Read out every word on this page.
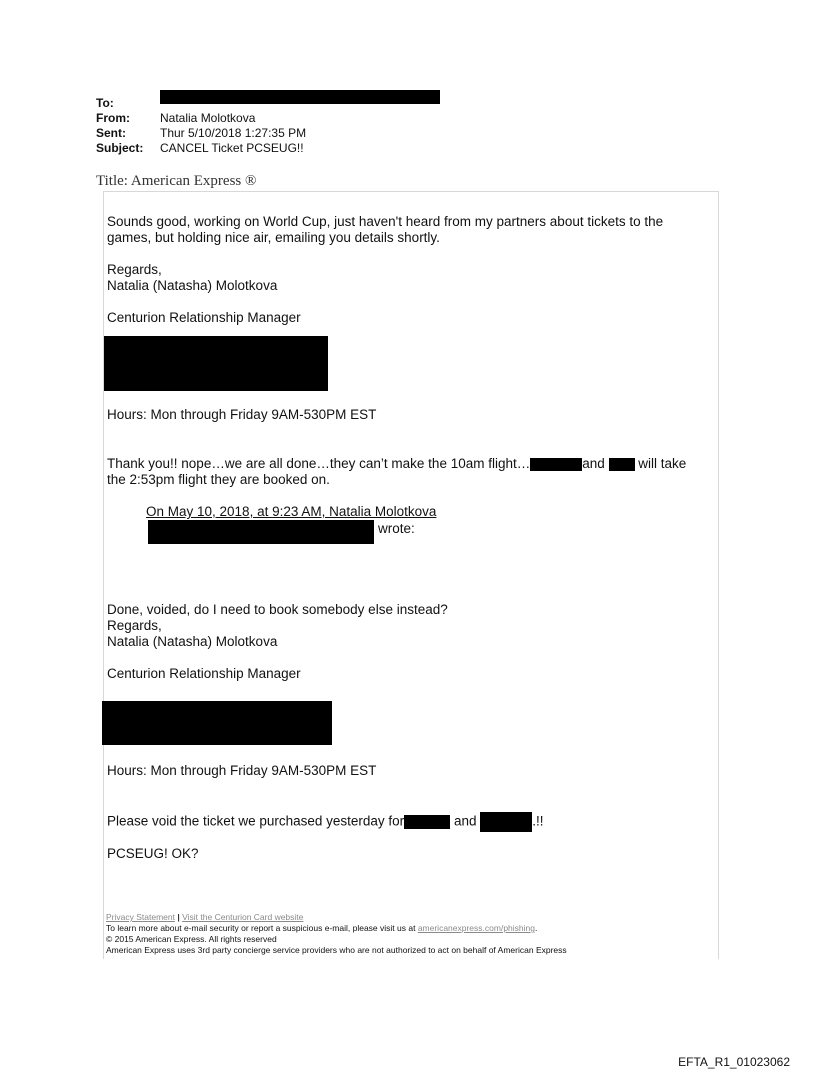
To:
From:	Natalia Molotkova
Sent:	Thur 5/10/2018 1:27:35 PM
Subject:	CANCEL Ticket PCSEUG!!
Title: American Express ®
Sounds good, working on World Cup, just haven't heard from my partners about tickets to the
games, but holding nice air, emailing you details shortly.
Regards,
Natalia (Natasha) Molotkova
Centurion Relationship Manager
Hours: Mon through Friday 9AM-530PM EST
Thank you!! nope…we are all done…they can’t make the 10am flight…	and will take
the 2:53pm flight they are booked on.
On May 10, 2018, at 9:23 AM, Natalia Molotkova
wrote:
Done, voided, do I need to book somebody else instead?
Regards,
Natalia (Natasha) Molotkova
Centurion Relationship Manager
Hours: Mon through Friday 9AM-530PM EST
Please void the ticket we purchased yesterday for	and	.!!
PCSEUG! OK?
Privacy Statement | Visit the Centurion Card website
To learn more about e-mail security or report a suspicious e-mail, please visit us at americanexpress.com/phishing.
© 2015 American Express. All rights reserved
American Express uses 3rd party concierge service providers who are not authorized to act on behalf of American Express
EFTA_R1_01023062
